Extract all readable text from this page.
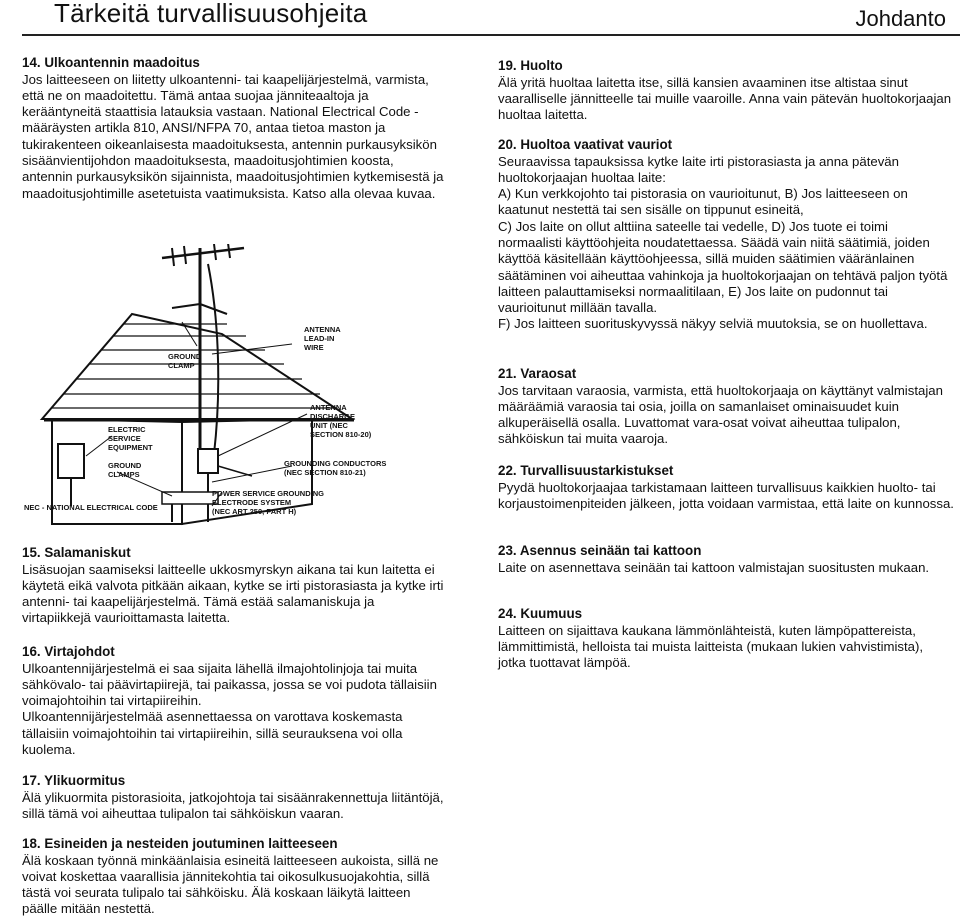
Tärkeitä turvallisuusohjeita	Johdanto
14. Ulkoantennin maadoitus

Jos laitteeseen on liitetty ulkoantenni- tai kaapelijärjestelmä, varmista, että ne on maadoitettu. Tämä antaa suojaa jänniteaaltoja ja kerääntyneitä staattisia latauksia vastaan. National Electrical Code -määräysten artikla 810, ANSI/NFPA 70, antaa tietoa maston ja tukirakenteen oikeanlaisesta maadoituksesta, antennin purkausyksikön sisäänvientijohdon maadoituksesta, maadoitusjohtimien koosta, antennin purkausyksikön sijainnista, maadoitusjohtimien kytkemisestä ja maadoitusjohtimille asetetuista vaatimuksista. Katso alla olevaa kuvaa.

ANTENNA
LEAD-IN
WIRE
GROUND
CLAMP
ANTENNA
DISCHARGE
UNIT (NEC
SECTION 810-20)
ELECTRIC
SERVICE
EQUIPMENT
GROUND
CLAMPS
GROUNDING CONDUCTORS
(NEC SECTION 810-21)
POWER SERVICE GROUNDING
ELECTRODE SYSTEM
(NEC ART 250, PART H)
NEC - NATIONAL ELECTRICAL CODE
15. Salamaniskut

Lisäsuojan saamiseksi laitteelle ukkosmyrskyn aikana tai kun laitetta ei käytetä eikä valvota pitkään aikaan, kytke se irti pistorasiasta ja kytke irti antenni- tai kaapelijärjestelmä. Tämä estää salamaniskuja ja virtapiikkejä vaurioittamasta laitetta.

16. Virtajohdot

Ulkoantennijärjestelmä ei saa sijaita lähellä ilmajohtolinjoja tai muita sähkövalo- tai päävirtapiirejä, tai paikassa, jossa se voi pudota tällaisiin voimajohtoihin tai virtapiireihin.

Ulkoantennijärjestelmää asennettaessa on varottava koskemasta tällaisiin voimajohtoihin tai virtapiireihin, sillä seurauksena voi olla kuolema.

17. Ylikuormitus

Älä ylikuormita pistorasioita, jatkojohtoja tai sisäänrakennettuja liitäntöjä, sillä tämä voi aiheuttaa tulipalon tai sähköiskun vaaran.

18. Esineiden ja nesteiden joutuminen laitteeseen

Älä koskaan työnnä minkäänlaisia esineitä laitteeseen aukoista, sillä ne voivat koskettaa vaarallisia jännitekohtia tai oikosulkusuojakohtia, sillä tästä voi seurata tulipalo tai sähköisku. Älä koskaan läikytä laitteen päälle mitään nestettä.

19. Huolto

Älä yritä huoltaa laitetta itse, sillä kansien avaaminen itse altistaa sinut vaaralliselle jännitteelle tai muille vaaroille. Anna vain pätevän huoltokorjaajan huoltaa laitetta.

20. Huoltoa vaativat vauriot

Seuraavissa tapauksissa kytke laite irti pistorasiasta ja anna pätevän huoltokorjaajan huoltaa laite:

A) Kun verkkojohto tai pistorasia on vaurioitunut, B) Jos laitteeseen on kaatunut nestettä tai sen sisälle on tippunut esineitä,

C) Jos laite on ollut alttiina sateelle tai vedelle, D) Jos tuote ei toimi normaalisti käyttöohjeita noudatettaessa. Säädä vain niitä säätimiä, joiden käyttöä käsitellään käyttöohjeessa, sillä muiden säätimien vääränlainen säätäminen voi aiheuttaa vahinkoja ja huoltokorjaajan on tehtävä paljon työtä laitteen palauttamiseksi normaalitilaan, E) Jos laite on pudonnut tai vaurioitunut millään tavalla.

F) Jos laitteen suorituskyvyssä näkyy selviä muutoksia, se on huollettava.

21. Varaosat

Jos tarvitaan varaosia, varmista, että huoltokorjaaja on käyttänyt valmistajan määräämiä varaosia tai osia, joilla on samanlaiset ominaisuudet kuin alkuperäisellä osalla. Luvattomat vara-osat voivat aiheuttaa tulipalon, sähköiskun tai muita vaaroja.

22. Turvallisuustarkistukset

Pyydä huoltokorjaajaa tarkistamaan laitteen turvallisuus kaikkien huolto- tai korjaustoimenpiteiden jälkeen, jotta voidaan varmistaa, että laite on kunnossa.

23. Asennus seinään tai kattoon

Laite on asennettava seinään tai kattoon valmistajan suositusten mukaan.

24. Kuumuus

Laitteen on sijaittava kaukana lämmönlähteistä, kuten lämpöpattereista, lämmittimistä, helloista tai muista laitteista (mukaan lukien vahvistimista), jotka tuottavat lämpöä.
